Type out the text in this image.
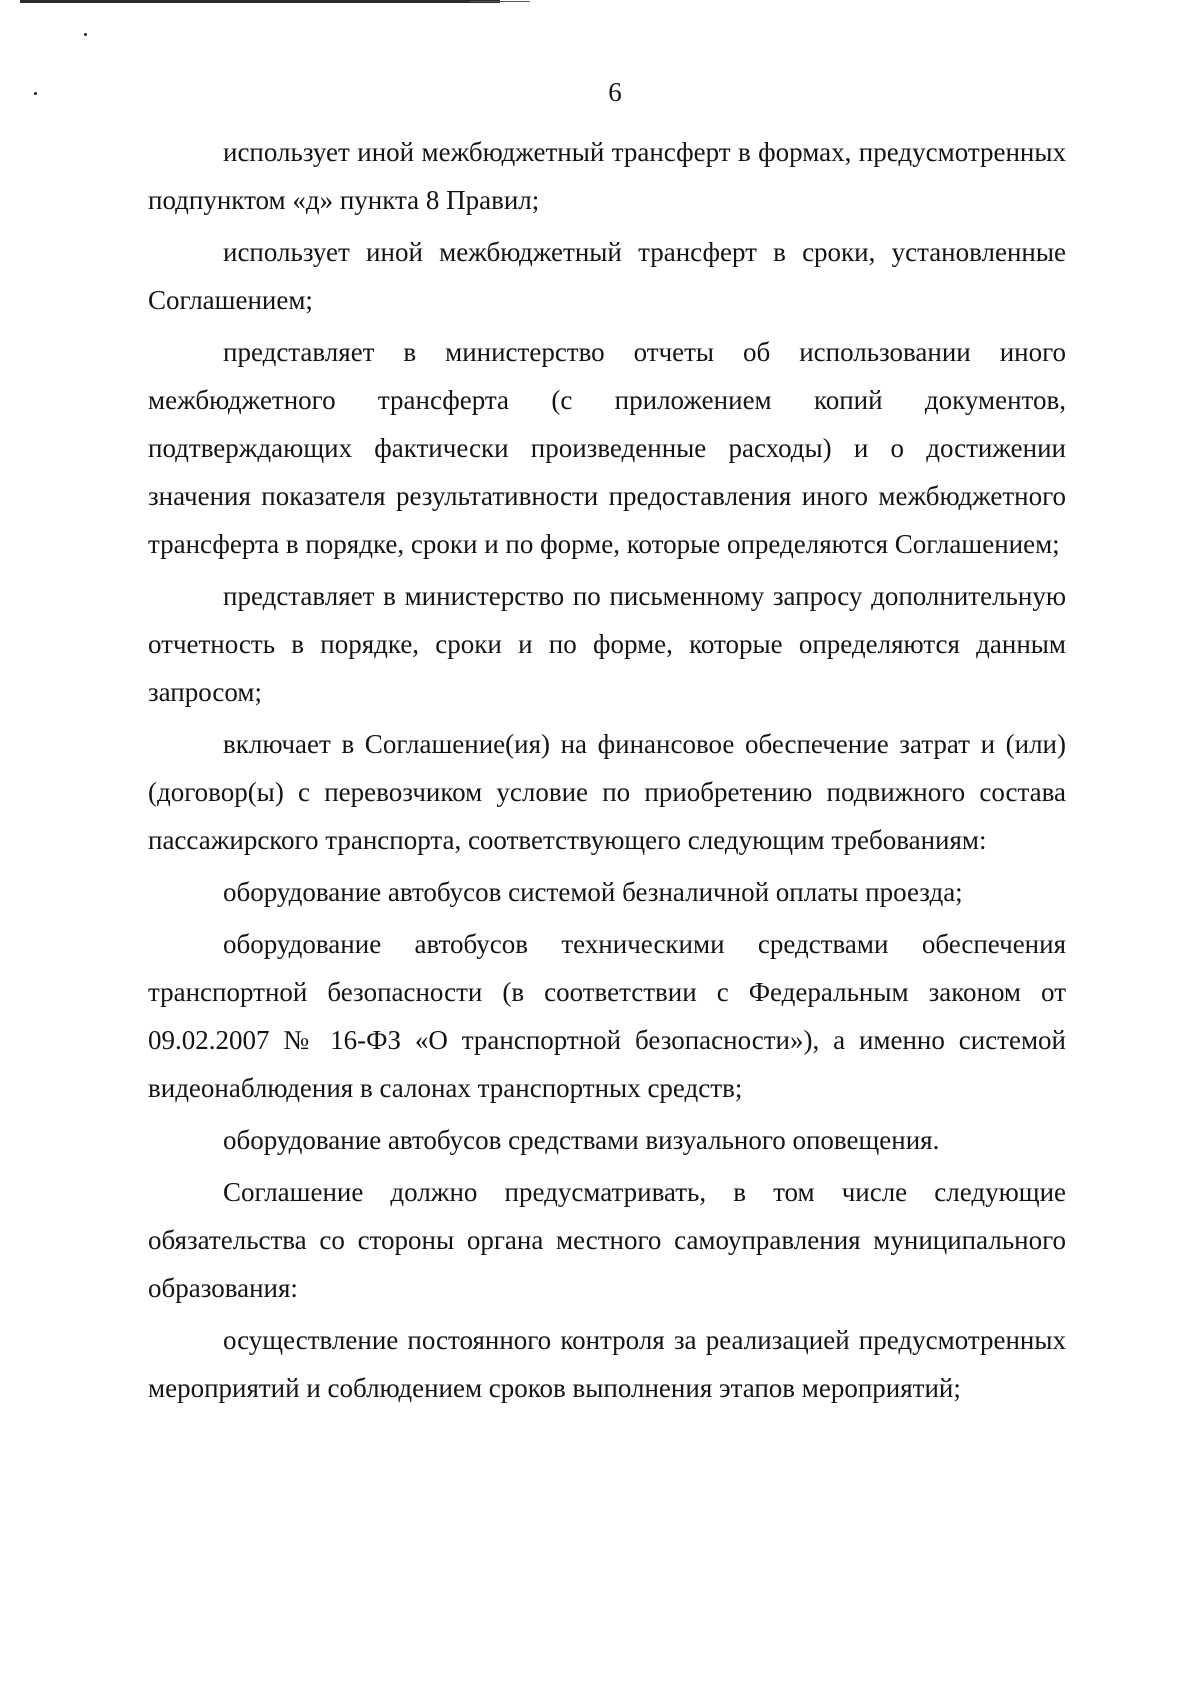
6

использует иной межбюджетный трансферт в формах, предусмотренных подпунктом «д» пункта 8 Правил;

использует иной межбюджетный трансферт в сроки, установленные Соглашением;

представляет в министерство отчеты об использовании иного межбюджетного трансферта (с приложением копий документов, подтверждающих фактически произведенные расходы) и о достижении значения показателя результативности предоставления иного межбюджетного трансферта в порядке, сроки и по форме, которые определяются Соглашением;

представляет в министерство по письменному запросу дополнительную отчетность в порядке, сроки и по форме, которые определяются данным запросом;

включает в Соглашение(ия) на финансовое обеспечение затрат и (или) (договор(ы) с перевозчиком условие по приобретению подвижного состава пассажирского транспорта, соответствующего следующим требованиям:

оборудование автобусов системой безналичной оплаты проезда;

оборудование автобусов техническими средствами обеспечения транспортной безопасности (в соответствии с Федеральным законом от 09.02.2007 № 16-ФЗ «О транспортной безопасности»), а именно системой видеонаблюдения в салонах транспортных средств;

оборудование автобусов средствами визуального оповещения.

Соглашение должно предусматривать, в том числе следующие обязательства со стороны органа местного самоуправления муниципального образования:

осуществление постоянного контроля за реализацией предусмотренных мероприятий и соблюдением сроков выполнения этапов мероприятий;
